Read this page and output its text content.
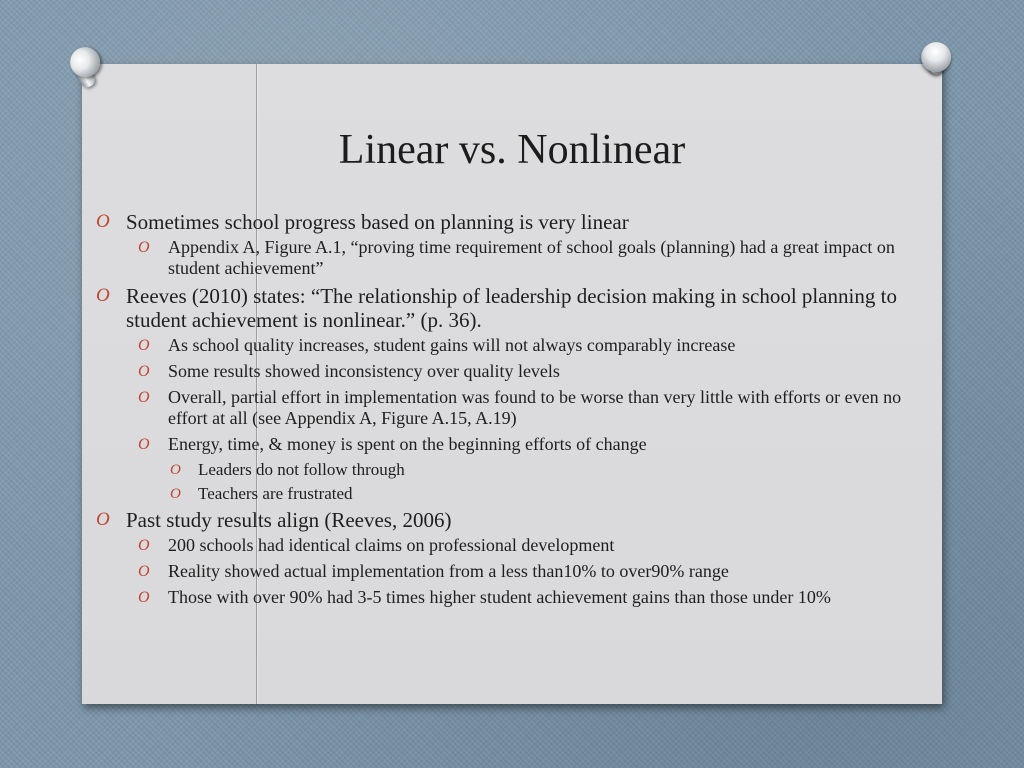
Linear vs. Nonlinear
O Sometimes school progress based on planning is very linear
O Appendix A, Figure A.1, “proving time requirement of school goals (planning) had a great impact on student achievement”
O Reeves (2010) states: “The relationship of leadership decision making in school planning to student achievement is nonlinear.” (p. 36).
O As school quality increases, student gains will not always comparably increase
O Some results showed inconsistency over quality levels
O Overall, partial effort in implementation was found to be worse than very little with efforts or even no effort at all (see Appendix A, Figure A.15, A.19)
O Energy, time, & money is spent on the beginning efforts of change
O Leaders do not follow through
O Teachers are frustrated
O Past study results align (Reeves, 2006)
O 200 schools had identical claims on professional development
O Reality showed actual implementation from a less than10% to over90% range
O Those with over 90% had 3-5 times higher student achievement gains than those under 10%
